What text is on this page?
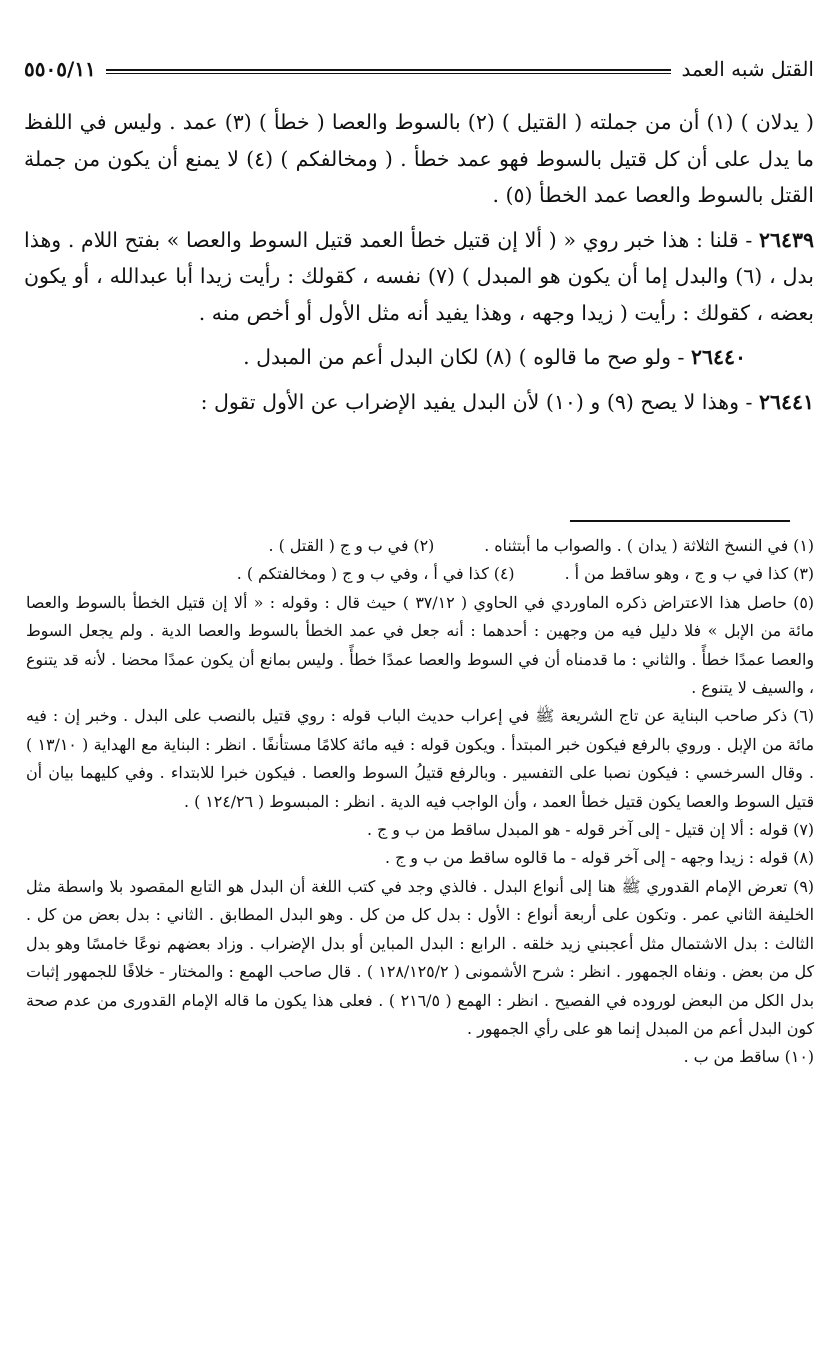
القتل شبه العمد
٥٥٠٥/١١

( يدلان ) (١) أن من جملته ( القتيل ) (٢) بالسوط والعصا ( خطأ ) (٣) عمد . وليس في اللفظ ما يدل على أن كل قتيل بالسوط فهو عمد خطأ . ( ومخالفكم ) (٤) لا يمنع أن يكون من جملة القتل بالسوط والعصا عمد الخطأ (٥) .

٢٦٤٣٩ - قلنا : هذا خبر روي « ( ألا إن قتيل خطأ العمد قتيل السوط والعصا » بفتح اللام . وهذا بدل ، (٦) والبدل إما أن يكون هو المبدل ) (٧) نفسه ، كقولك : رأيت زيدا أبا عبدالله ، أو يكون بعضه ، كقولك : رأيت ( زيدا وجهه ، وهذا يفيد أنه مثل الأول أو أخص منه .

٢٦٤٤٠ - ولو صح ما قالوه ) (٨) لكان البدل أعم من المبدل .

٢٦٤٤١ - وهذا لا يصح (٩) و (١٠) لأن البدل يفيد الإضراب عن الأول تقول :

(١) في النسخ الثلاثة ( يدان ) . والصواب ما أبتثناه .
(٢) في ب و ج ( القتل ) .
(٣) كذا في ب و ج ، وهو ساقط من أ .
(٤) كذا في أ ، وفي ب و ج ( ومخالفتكم ) .

(٥) حاصل هذا الاعتراض ذكره الماوردي في الحاوي ( ٣٧/١٢ ) حيث قال : وقوله : « ألا إن قتيل الخطأ بالسوط والعصا مائة من الإبل » فلا دليل فيه من وجهين : أحدهما : أنه جعل في عمد الخطأ بالسوط والعصا الدية . ولم يجعل السوط والعصا عمدًا خطأً . والثاني : ما قدمناه أن في السوط والعصا عمدًا خطأً . وليس بمانع أن يكون عمدًا محضا . لأنه قد يتنوع ، والسيف لا يتنوع .

(٦) ذكر صاحب البناية عن تاج الشريعة ﷺ في إعراب حديث الباب قوله : روي قتيل بالنصب على البدل . وخبر إن : فيه مائة من الإبل . وروي بالرفع فيكون خبر المبتدأ . ويكون قوله : فيه مائة كلامًا مستأنفًا . انظر : البناية مع الهداية ( ١٣/١٠ ) . وقال السرخسي : فيكون نصبا على التفسير . وبالرفع قتيلُ السوط والعصا . فيكون خبرا للابتداء . وفي كليهما بيان أن قتيل السوط والعصا يكون قتيل خطأ العمد ، وأن الواجب فيه الدية . انظر : المبسوط ( ١٢٤/٢٦ ) .

(٧) قوله : ألا إن قتيل - إلى آخر قوله - هو المبدل ساقط من ب و ج .

(٨) قوله : زيدا وجهه - إلى آخر قوله - ما قالوه ساقط من ب و ج .

(٩) تعرض الإمام القدوري ﷺ هنا إلى أنواع البدل . فالذي وجد في كتب اللغة أن البدل هو التابع المقصود بلا واسطة مثل الخليفة الثاني عمر . وتكون على أربعة أنواع : الأول : بدل كل من كل . وهو البدل المطابق . الثاني : بدل بعض من كل . الثالث : بدل الاشتمال مثل أعجبني زيد خلقه . الرابع : البدل المباين أو بدل الإضراب . وزاد بعضهم نوعًا خامسًا وهو بدل كل من بعض . ونفاه الجمهور . انظر : شرح الأشمونى ( ١٢٨/١٢٥/٢ ) . قال صاحب الهمع : والمختار - خلافًا للجمهور إثبات بدل الكل من البعض لوروده في الفصيح . انظر : الهمع ( ٢١٦/٥ ) . فعلى هذا يكون ما قاله الإمام القدورى من عدم صحة كون البدل أعم من المبدل إنما هو على رأي الجمهور .

(١٠) ساقط من ب .
